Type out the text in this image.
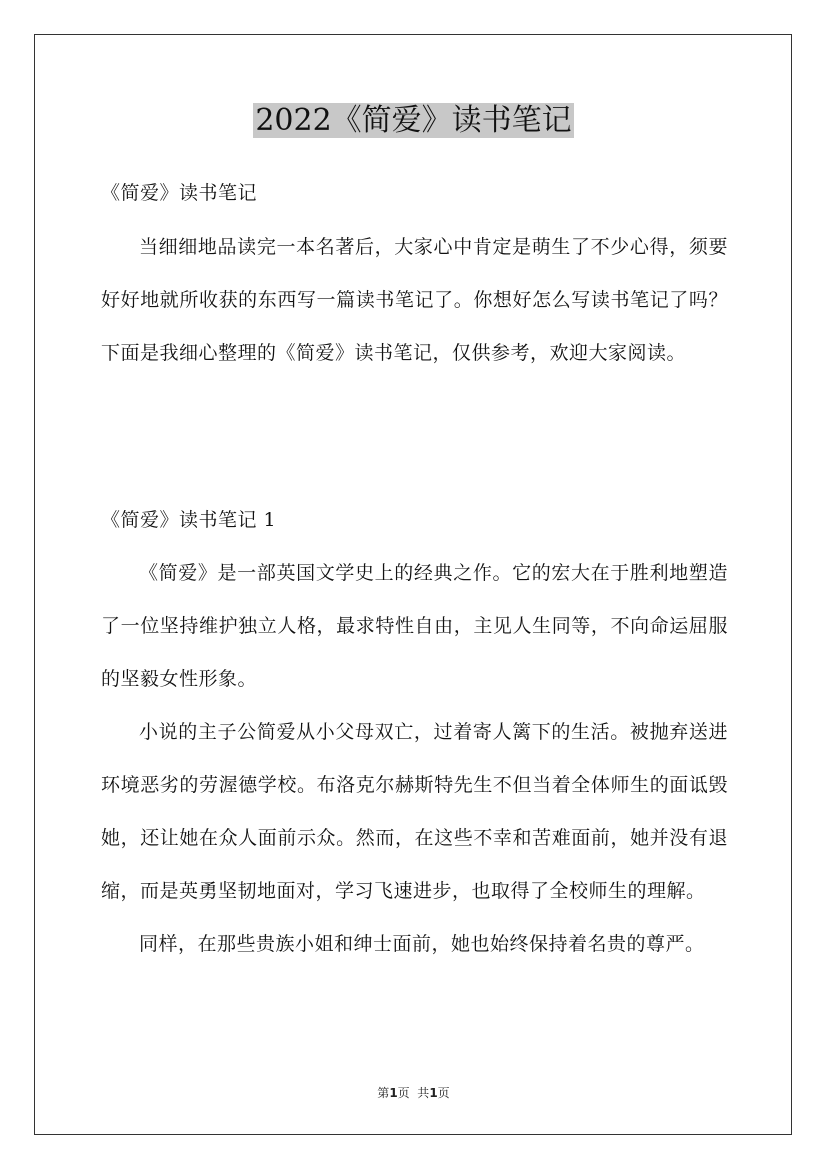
2022《简爱》读书笔记
《简爱》读书笔记

当细细地品读完一本名著后，大家心中肯定是萌生了不少心得，须要好好地就所收获的东西写一篇读书笔记了。你想好怎么写读书笔记了吗？下面是我细心整理的《简爱》读书笔记，仅供参考，欢迎大家阅读。

《简爱》读书笔记 1

《简爱》是一部英国文学史上的经典之作。它的宏大在于胜利地塑造了一位坚持维护独立人格，最求特性自由，主见人生同等，不向命运屈服的坚毅女性形象。

小说的主子公简爱从小父母双亡，过着寄人篱下的生活。被抛弃送进环境恶劣的劳渥德学校。布洛克尔赫斯特先生不但当着全体师生的面诋毁她，还让她在众人面前示众。然而，在这些不幸和苦难面前，她并没有退缩，而是英勇坚韧地面对，学习飞速进步，也取得了全校师生的理解。

同样，在那些贵族小姐和绅士面前，她也始终保持着名贵的尊严。

第1页  共1页
